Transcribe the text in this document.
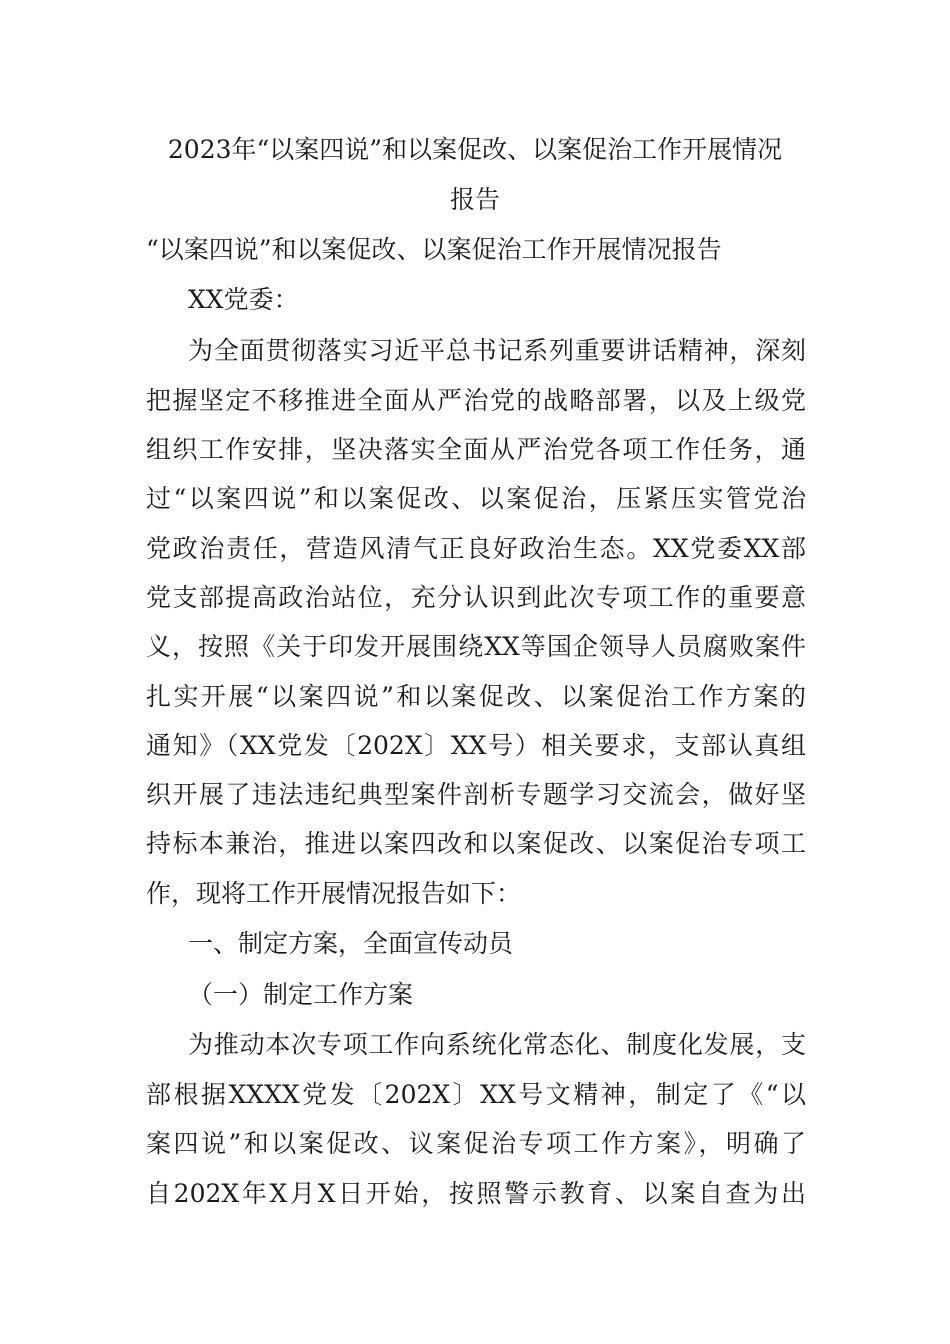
2023年“以案四说”和以案促改、以案促治工作开展情况
报告
“以案四说”和以案促改、以案促治工作开展情况报告
XX党委：
为全面贯彻落实习近平总书记系列重要讲话精神，深刻
把握坚定不移推进全面从严治党的战略部署，以及上级党
组织工作安排，坚决落实全面从严治党各项工作任务，通
过“以案四说”和以案促改、以案促治，压紧压实管党治
党政治责任，营造风清气正良好政治生态。XX党委XX部
党支部提高政治站位，充分认识到此次专项工作的重要意
义，按照《关于印发开展围绕XX等国企领导人员腐败案件
扎实开展“以案四说”和以案促改、以案促治工作方案的
通知》（XX党发〔202X〕XX号）相关要求，支部认真组
织开展了违法违纪典型案件剖析专题学习交流会，做好坚
持标本兼治，推进以案四改和以案促改、以案促治专项工
作，现将工作开展情况报告如下：
一、制定方案，全面宣传动员
（一）制定工作方案
为推动本次专项工作向系统化常态化、制度化发展，支
部根据XXXX党发〔202X〕XX号文精神，制定了《“以
案四说”和以案促改、议案促治专项工作方案》，明确了
自202X年X月X日开始，按照警示教育、以案自查为出
